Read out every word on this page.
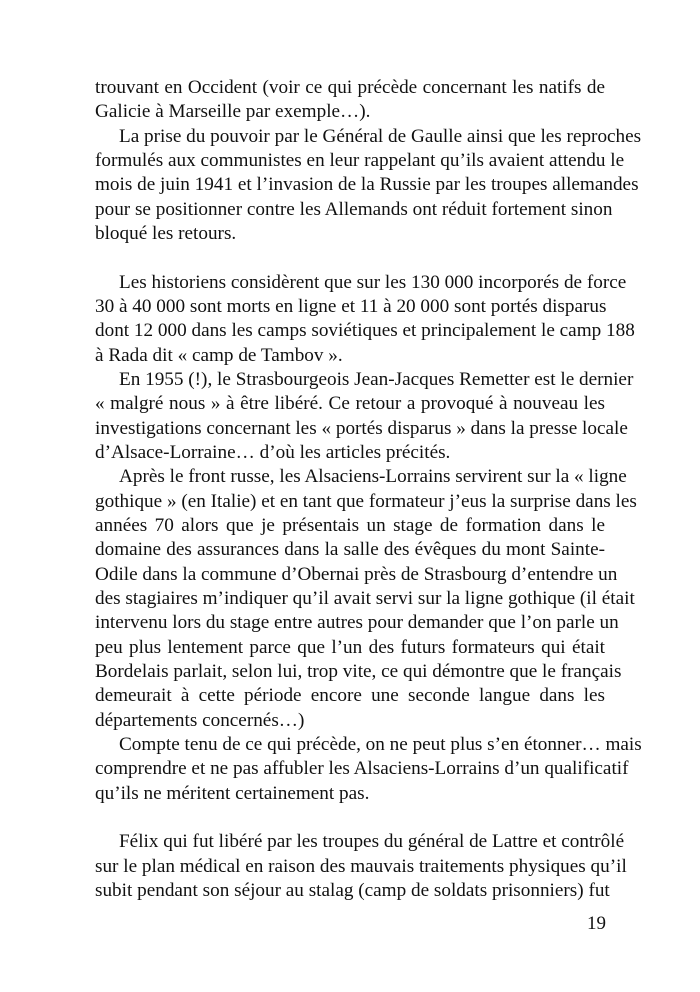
trouvant en Occident (voir ce qui précède concernant les natifs de
Galicie à Marseille par exemple…).
La prise du pouvoir par le Général de Gaulle ainsi que les reproches
formulés aux communistes en leur rappelant qu’ils avaient attendu le
mois de juin 1941 et l’invasion de la Russie par les troupes allemandes
pour se positionner contre les Allemands ont réduit fortement sinon
bloqué les retours.
Les historiens considèrent que sur les 130 000 incorporés de force
30 à 40 000 sont morts en ligne et 11 à 20 000 sont portés disparus
dont 12 000 dans les camps soviétiques et principalement le camp 188
à Rada dit « camp de Tambov ».
En 1955 (!), le Strasbourgeois Jean-Jacques Remetter est le dernier
« malgré nous » à être libéré. Ce retour a provoqué à nouveau les
investigations concernant les « portés disparus » dans la presse locale
d’Alsace-Lorraine… d’où les articles précités.
Après le front russe, les Alsaciens-Lorrains servirent sur la « ligne
gothique » (en Italie) et en tant que formateur j’eus la surprise dans les
années 70 alors que je présentais un stage de formation dans le
domaine des assurances dans la salle des évêques du mont Sainte-
Odile dans la commune d’Obernai près de Strasbourg d’entendre un
des stagiaires m’indiquer qu’il avait servi sur la ligne gothique (il était
intervenu lors du stage entre autres pour demander que l’on parle un
peu plus lentement parce que l’un des futurs formateurs qui était
Bordelais parlait, selon lui, trop vite, ce qui démontre que le français
demeurait à cette période encore une seconde langue dans les
départements concernés…)
Compte tenu de ce qui précède, on ne peut plus s’en étonner… mais
comprendre et ne pas affubler les Alsaciens-Lorrains d’un qualificatif
qu’ils ne méritent certainement pas.
Félix qui fut libéré par les troupes du général de Lattre et contrôlé
sur le plan médical en raison des mauvais traitements physiques qu’il
subit pendant son séjour au stalag (camp de soldats prisonniers) fut
19
